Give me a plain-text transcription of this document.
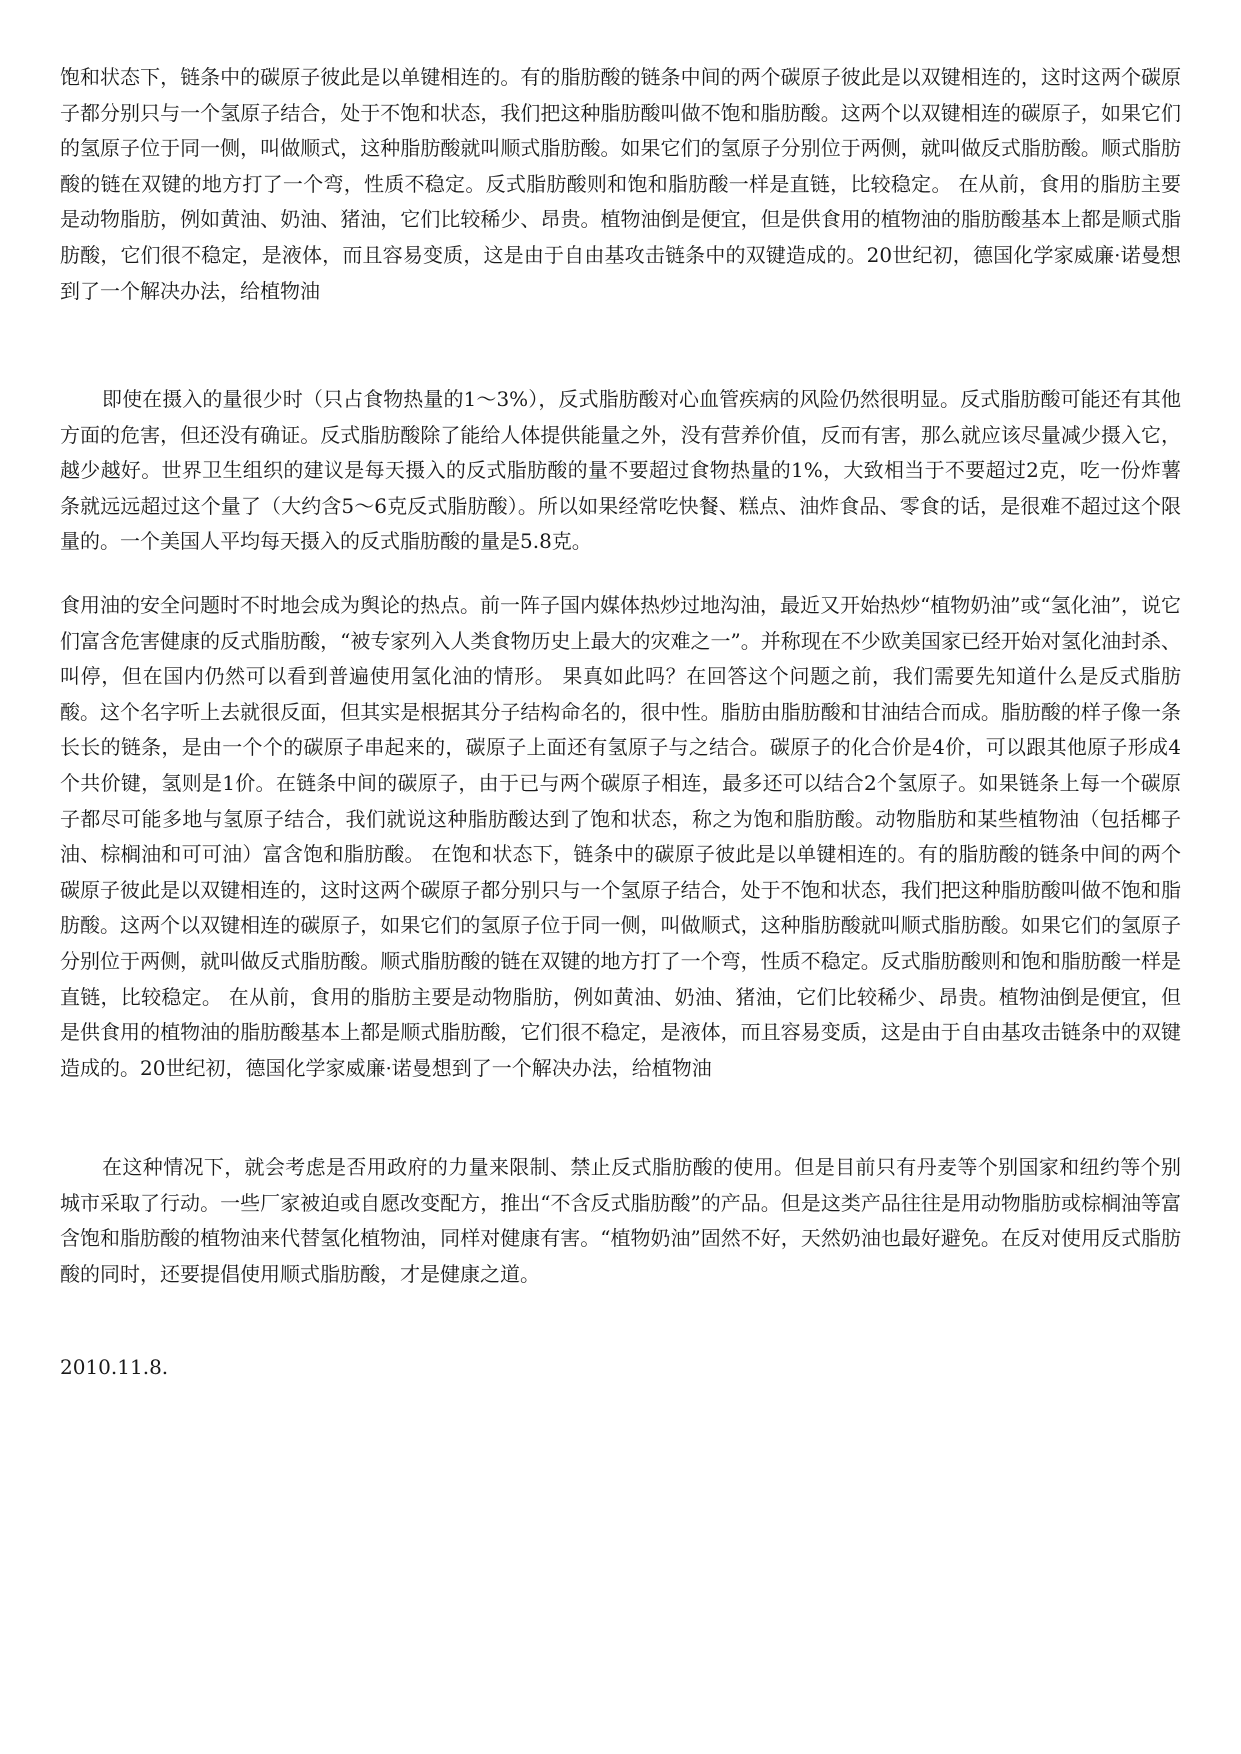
饱和状态下，链条中的碳原子彼此是以单键相连的。有的脂肪酸的链条中间的两个碳原子彼此是以双键相连的，这时这两个碳原子都分别只与一个氢原子结合，处于不饱和状态，我们把这种脂肪酸叫做不饱和脂肪酸。这两个以双键相连的碳原子，如果它们的氢原子位于同一侧，叫做顺式，这种脂肪酸就叫顺式脂肪酸。如果它们的氢原子分别位于两侧，就叫做反式脂肪酸。顺式脂肪酸的链在双键的地方打了一个弯，性质不稳定。反式脂肪酸则和饱和脂肪酸一样是直链，比较稳定。 在从前，食用的脂肪主要是动物脂肪，例如黄油、奶油、猪油，它们比较稀少、昂贵。植物油倒是便宜，但是供食用的植物油的脂肪酸基本上都是顺式脂肪酸，它们很不稳定，是液体，而且容易变质，这是由于自由基攻击链条中的双键造成的。20世纪初，德国化学家威廉·诺曼想到了一个解决办法，给植物油

即使在摄入的量很少时（只占食物热量的1～3%），反式脂肪酸对心血管疾病的风险仍然很明显。反式脂肪酸可能还有其他方面的危害，但还没有确证。反式脂肪酸除了能给人体提供能量之外，没有营养价值，反而有害，那么就应该尽量减少摄入它，越少越好。世界卫生组织的建议是每天摄入的反式脂肪酸的量不要超过食物热量的1%，大致相当于不要超过2克，吃一份炸薯条就远远超过这个量了（大约含5～6克反式脂肪酸）。所以如果经常吃快餐、糕点、油炸食品、零食的话，是很难不超过这个限量的。一个美国人平均每天摄入的反式脂肪酸的量是5.8克。

食用油的安全问题时不时地会成为舆论的热点。前一阵子国内媒体热炒过地沟油，最近又开始热炒“植物奶油”或“氢化油”，说它们富含危害健康的反式脂肪酸，“被专家列入人类食物历史上最大的灾难之一”。并称现在不少欧美国家已经开始对氢化油封杀、叫停，但在国内仍然可以看到普遍使用氢化油的情形。 果真如此吗？在回答这个问题之前，我们需要先知道什么是反式脂肪酸。这个名字听上去就很反面，但其实是根据其分子结构命名的，很中性。脂肪由脂肪酸和甘油结合而成。脂肪酸的样子像一条长长的链条，是由一个个的碳原子串起来的，碳原子上面还有氢原子与之结合。碳原子的化合价是4价，可以跟其他原子形成4个共价键，氢则是1价。在链条中间的碳原子，由于已与两个碳原子相连，最多还可以结合2个氢原子。如果链条上每一个碳原子都尽可能多地与氢原子结合，我们就说这种脂肪酸达到了饱和状态，称之为饱和脂肪酸。动物脂肪和某些植物油（包括椰子油、棕榈油和可可油）富含饱和脂肪酸。 在饱和状态下，链条中的碳原子彼此是以单键相连的。有的脂肪酸的链条中间的两个碳原子彼此是以双键相连的，这时这两个碳原子都分别只与一个氢原子结合，处于不饱和状态，我们把这种脂肪酸叫做不饱和脂肪酸。这两个以双键相连的碳原子，如果它们的氢原子位于同一侧，叫做顺式，这种脂肪酸就叫顺式脂肪酸。如果它们的氢原子分别位于两侧，就叫做反式脂肪酸。顺式脂肪酸的链在双键的地方打了一个弯，性质不稳定。反式脂肪酸则和饱和脂肪酸一样是直链，比较稳定。 在从前，食用的脂肪主要是动物脂肪，例如黄油、奶油、猪油，它们比较稀少、昂贵。植物油倒是便宜，但是供食用的植物油的脂肪酸基本上都是顺式脂肪酸，它们很不稳定，是液体，而且容易变质，这是由于自由基攻击链条中的双键造成的。20世纪初，德国化学家威廉·诺曼想到了一个解决办法，给植物油

在这种情况下，就会考虑是否用政府的力量来限制、禁止反式脂肪酸的使用。但是目前只有丹麦等个别国家和纽约等个别城市采取了行动。一些厂家被迫或自愿改变配方，推出“不含反式脂肪酸”的产品。但是这类产品往往是用动物脂肪或棕榈油等富含饱和脂肪酸的植物油来代替氢化植物油，同样对健康有害。“植物奶油”固然不好，天然奶油也最好避免。在反对使用反式脂肪酸的同时，还要提倡使用顺式脂肪酸，才是健康之道。

2010.11.8.
